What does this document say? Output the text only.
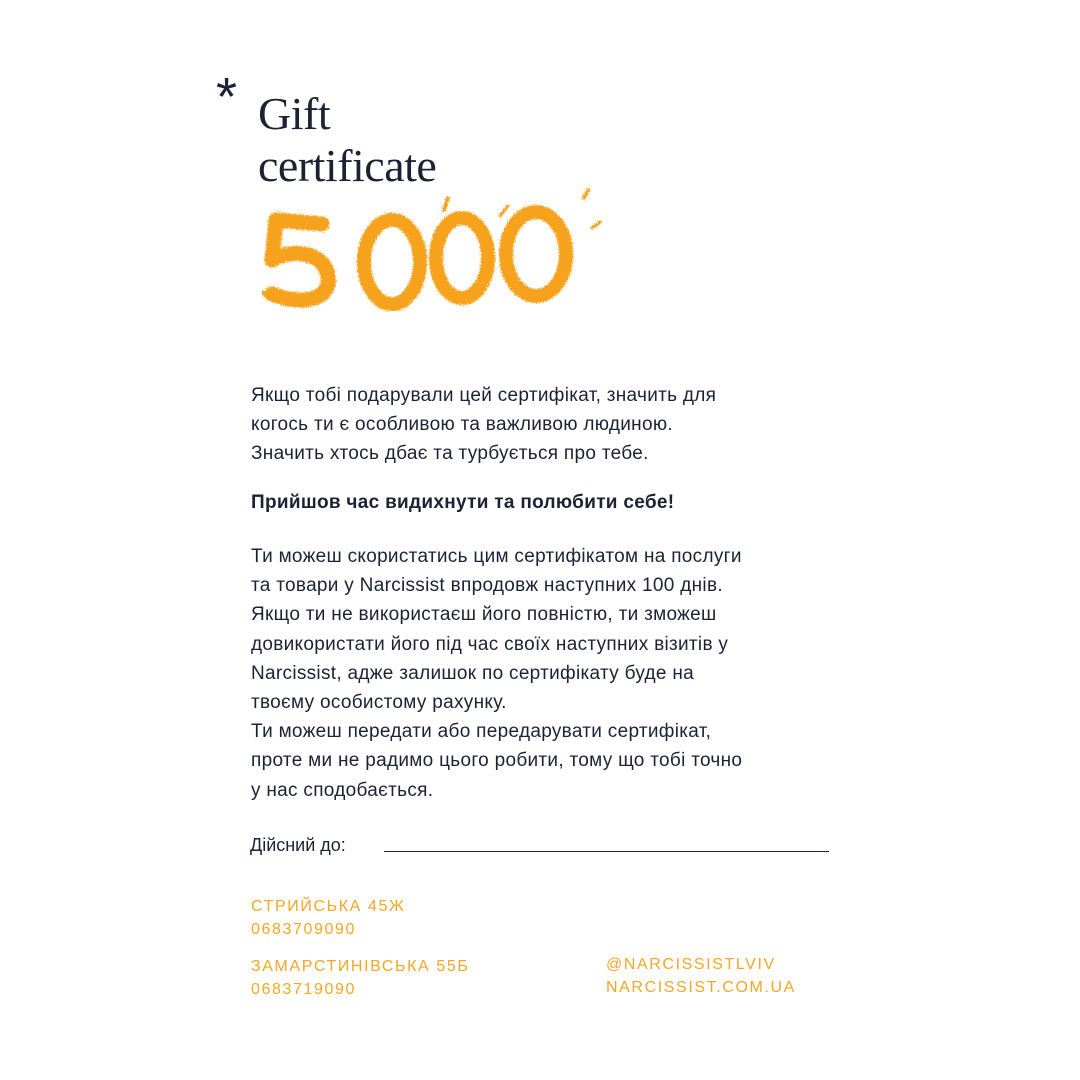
* Gift
certificate
Якщо тобі подарували цей сертифікат, значить для
когось ти є особливою та важливою людиною.
Значить хтось дбає та турбується про тебе.
Прийшов час видихнути та полюбити себе!
Ти можеш скористатись цим сертифікатом на послуги
та товари у Narcissist впродовж наступних 100 днів.
Якщо ти не використаєш його повністю, ти зможеш
довикористати його під час своїх наступних візитів у
Narcissist, адже залишок по сертифікату буде на
твоєму особистому рахунку.
Ти можеш передати або передарувати сертифікат,
проте ми не радимо цього робити, тому що тобі точно
у нас сподобається.
Дійсний до:
СТРИЙСЬКА 45Ж
0683709090
ЗАМАРСТИНІВСЬКА 55Б
0683719090
@NARCISSISTLVIV
NARCISSIST.COM.UA
